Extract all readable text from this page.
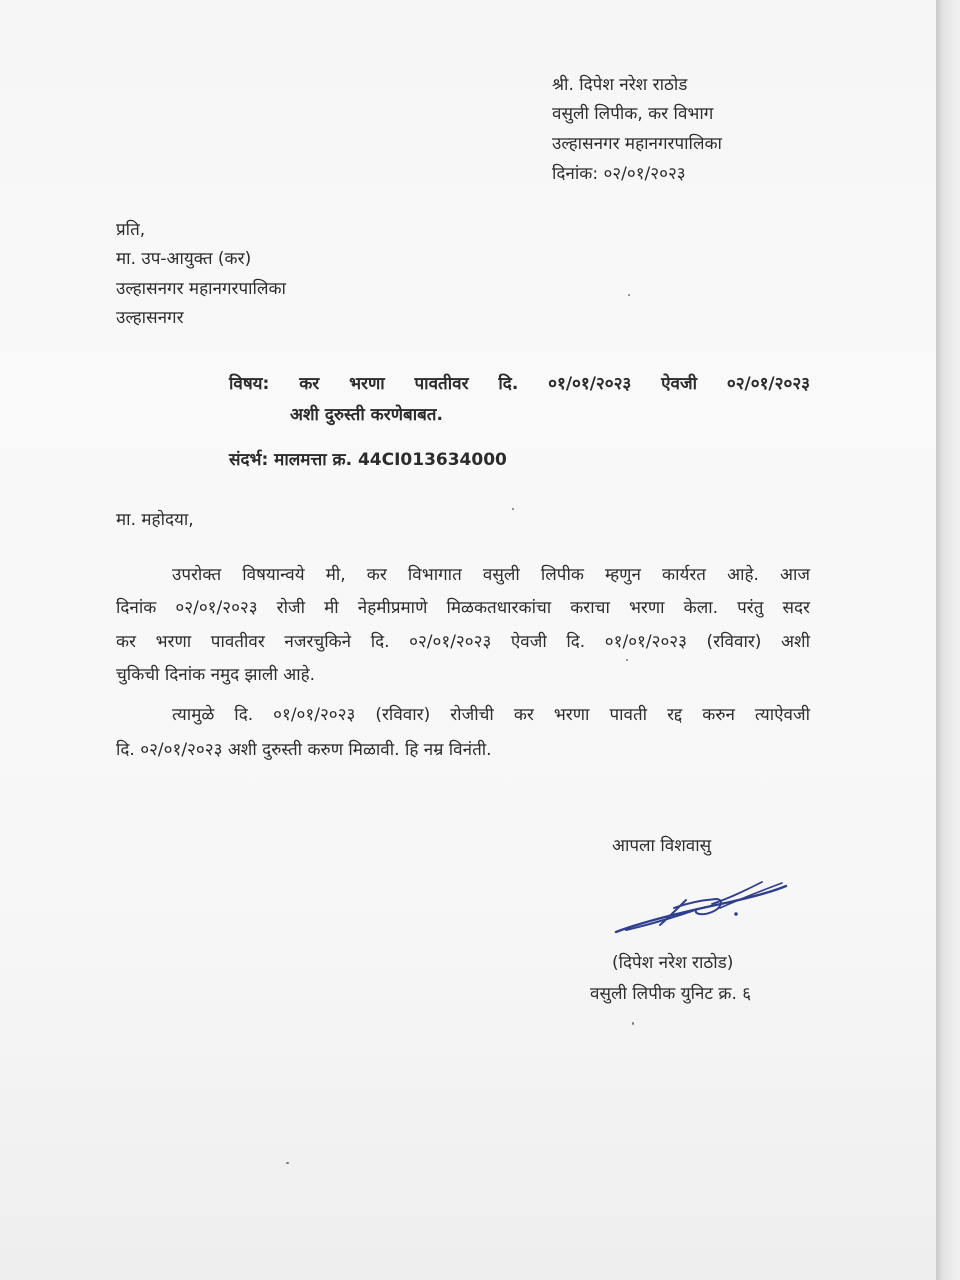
श्री. दिपेश नरेश राठोड
वसुली लिपीक, कर विभाग
उल्हासनगर महानगरपालिका
दिनांक: ०२/०१/२०२३
प्रति,
मा. उप-आयुक्त (कर)
उल्हासनगर महानगरपालिका
उल्हासनगर
विषय: कर भरणा पावतीवर दि. ०१/०१/२०२३ ऐवजी ०२/०१/२०२३
अशी दुरुस्ती करणेबाबत.
संदर्भ: मालमत्ता क्र. 44CI013634000
मा. महोदया,
उपरोक्त विषयान्वये मी, कर विभागात वसुली लिपीक म्हणुन कार्यरत आहे. आज
दिनांक ०२/०१/२०२३ रोजी मी नेहमीप्रमाणे मिळकतधारकांचा कराचा भरणा केला. परंतु सदर
कर भरणा पावतीवर नजरचुकिने दि. ०२/०१/२०२३ ऐवजी दि. ०१/०१/२०२३ (रविवार) अशी
चुकिची दिनांक नमुद झाली आहे.
त्यामुळे दि. ०१/०१/२०२३ (रविवार) रोजीची कर भरणा पावती रद्द करुन त्याऐवजी
दि. ०२/०१/२०२३ अशी दुरुस्ती करुण मिळावी. हि नम्र विनंती.
आपला विशवासु
(दिपेश नरेश राठोड)
वसुली लिपीक युनिट क्र. ६
